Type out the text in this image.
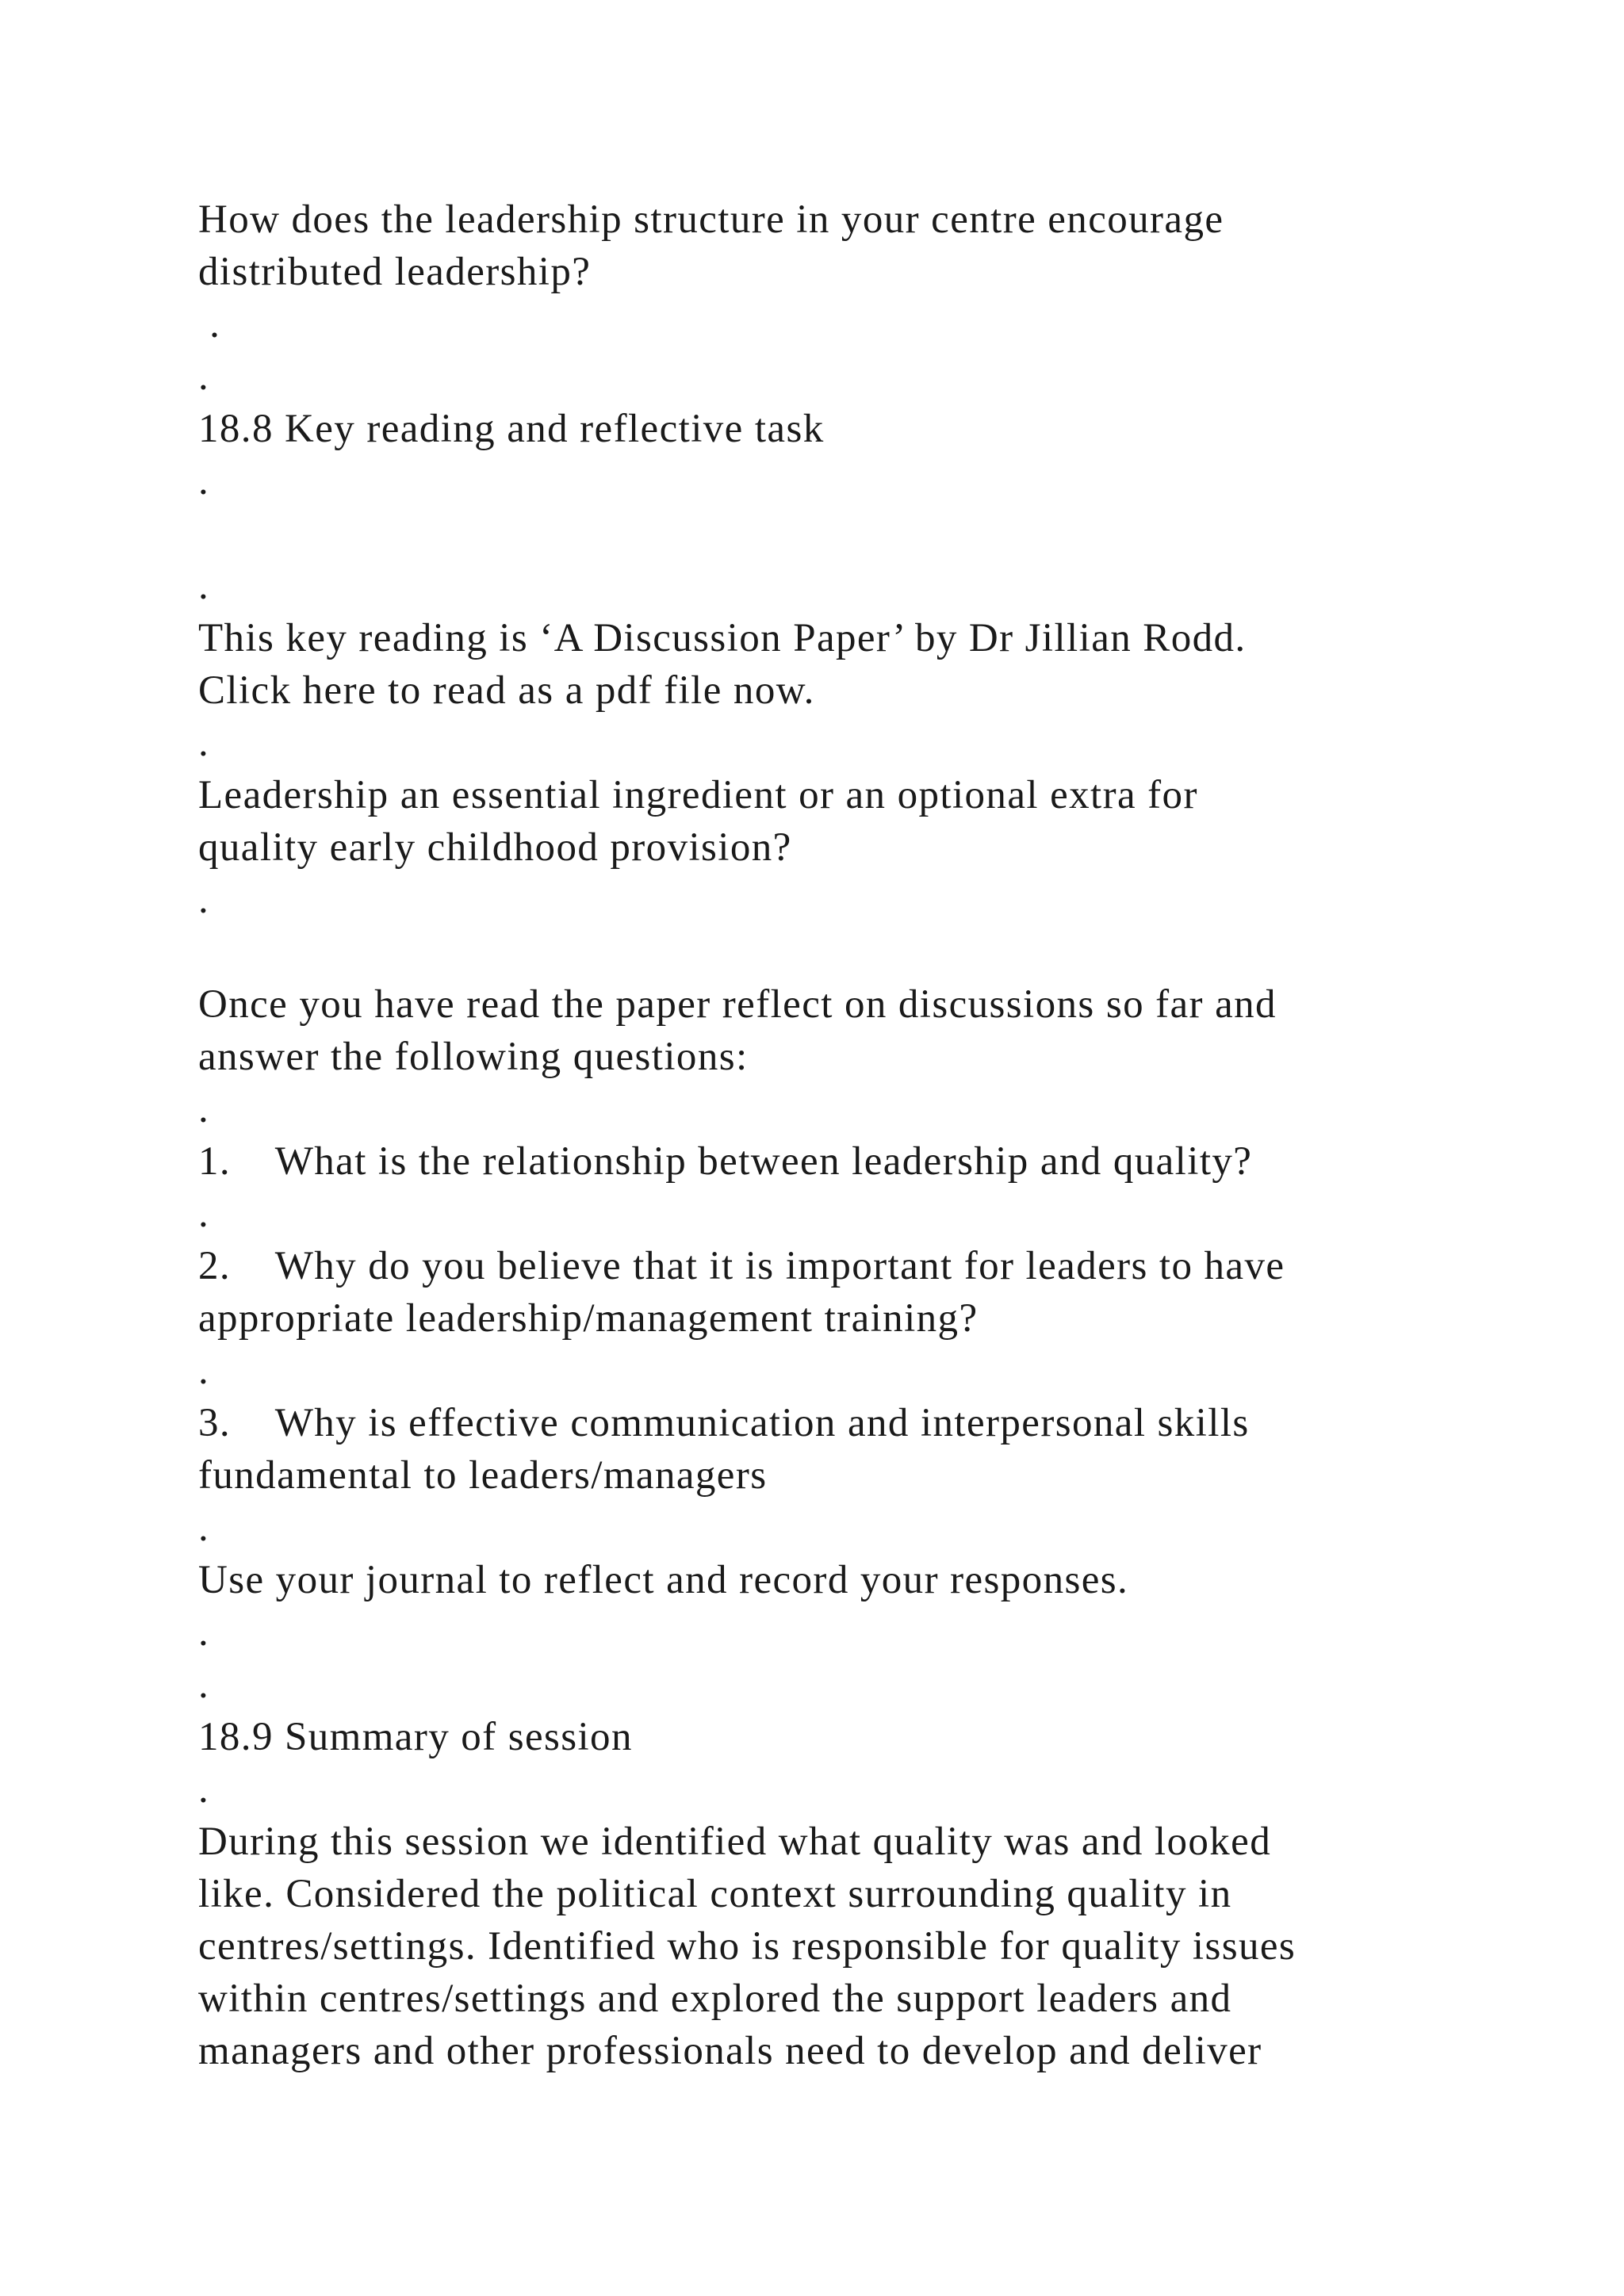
How does the leadership structure in your centre encourage
distributed leadership?
.
.
18.8 Key reading and reflective task
.
.
This key reading is ‘A Discussion Paper’ by Dr Jillian Rodd.
Click here to read as a pdf file now.
.
Leadership an essential ingredient or an optional extra for
quality early childhood provision?
.
Once you have read the paper reflect on discussions so far and
answer the following questions:
.
1.    What is the relationship between leadership and quality?
.
2.    Why do you believe that it is important for leaders to have
appropriate leadership/management training?
.
3.    Why is effective communication and interpersonal skills
fundamental to leaders/managers
.
Use your journal to reflect and record your responses.
.
.
18.9 Summary of session
.
During this session we identified what quality was and looked
like. Considered the political context surrounding quality in
centres/settings. Identified who is responsible for quality issues
within centres/settings and explored the support leaders and
managers and other professionals need to develop and deliver
